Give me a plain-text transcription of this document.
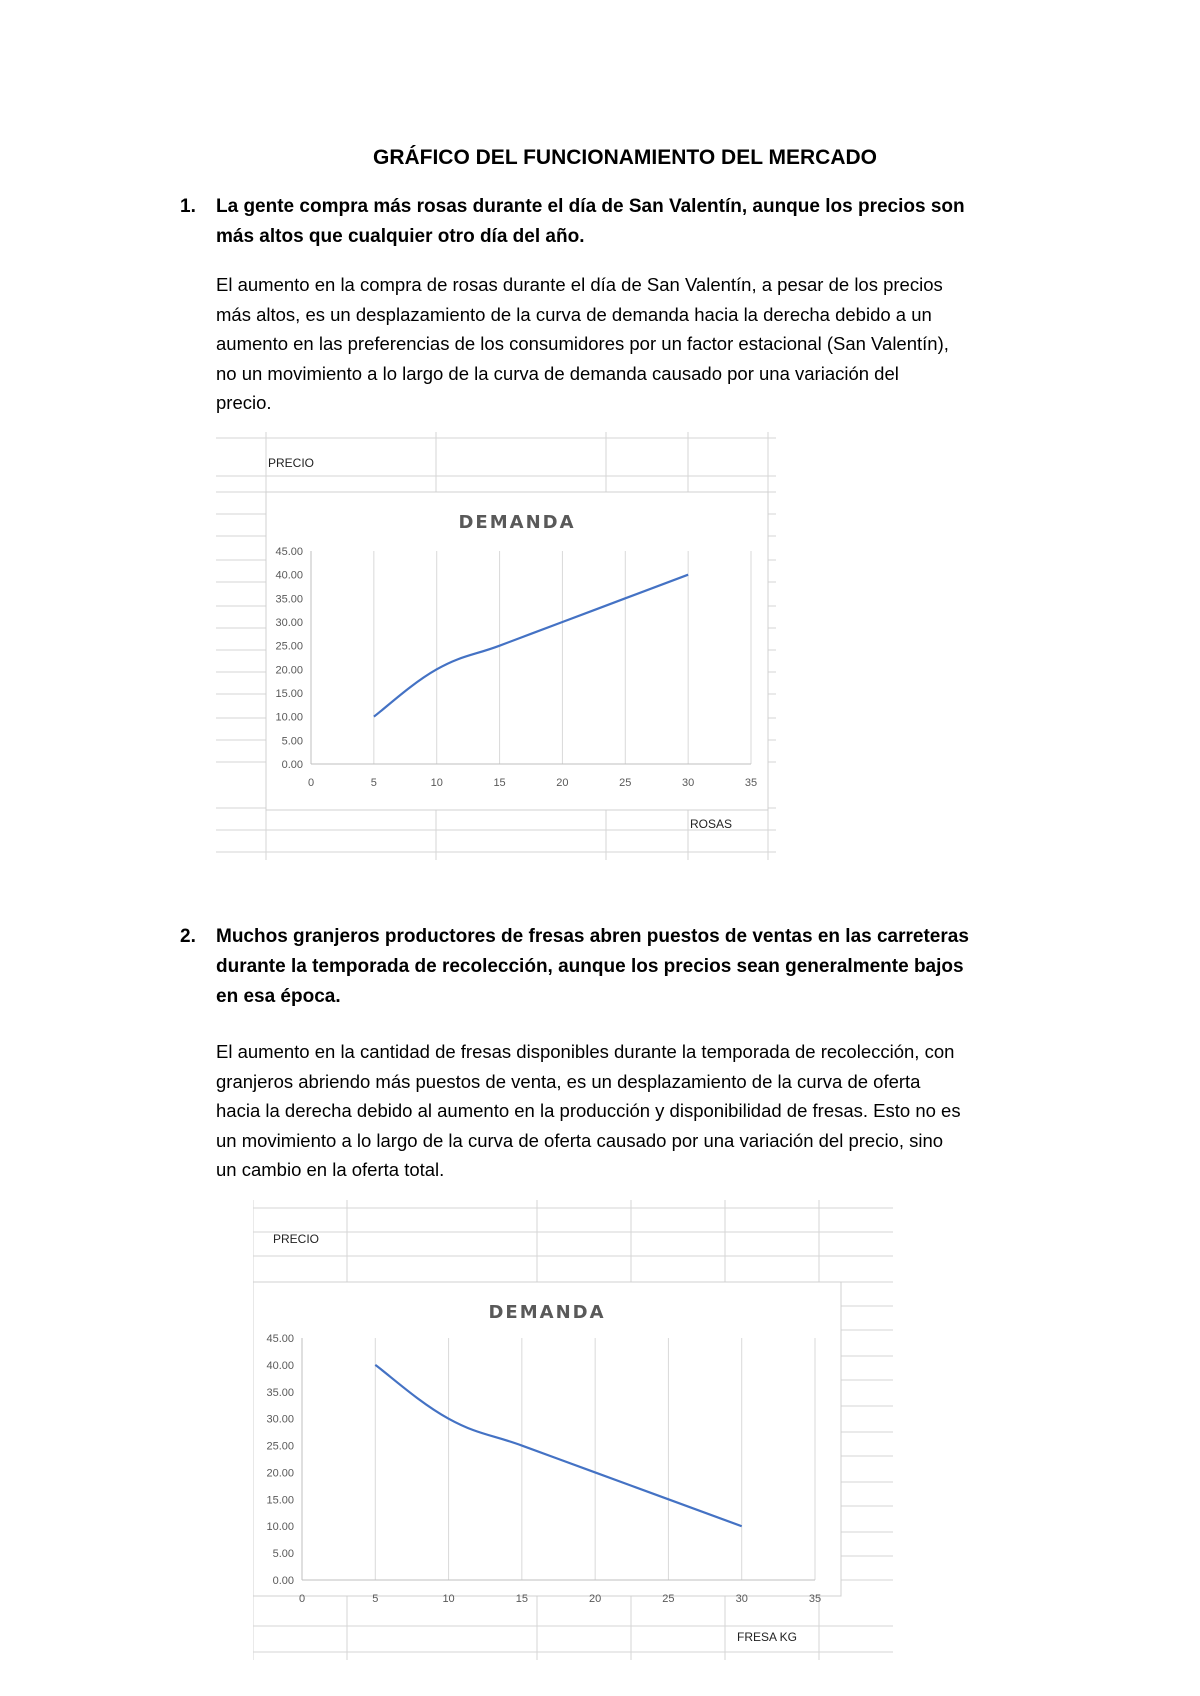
GRÁFICO DEL FUNCIONAMIENTO DEL MERCADO
1. La gente compra más rosas durante el día de San Valentín, aunque los precios son
más altos que cualquier otro día del año.
El aumento en la compra de rosas durante el día de San Valentín, a pesar de los precios
más altos, es un desplazamiento de la curva de demanda hacia la derecha debido a un
aumento en las preferencias de los consumidores por un factor estacional (San Valentín),
no un movimiento a lo largo de la curva de demanda causado por una variación del
precio.
DEMANDA
0	5	10	15	20	25	30	35
0.00
5.00
10.00
15.00
20.00
25.00
30.00
35.00
40.00
45.00
PRECIO
ROSAS
2. Muchos granjeros productores de fresas abren puestos de ventas en las carreteras
durante la temporada de recolección, aunque los precios sean generalmente bajos
en esa época.
El aumento en la cantidad de fresas disponibles durante la temporada de recolección, con
granjeros abriendo más puestos de venta, es un desplazamiento de la curva de oferta
hacia la derecha debido al aumento en la producción y disponibilidad de fresas. Esto no es
un movimiento a lo largo de la curva de oferta causado por una variación del precio, sino
un cambio en la oferta total.
DEMANDA
0	5	10	15	20	25	30	35
0.00
5.00
10.00
15.00
20.00
25.00
30.00
35.00
40.00
45.00
PRECIO
FRESA KG
